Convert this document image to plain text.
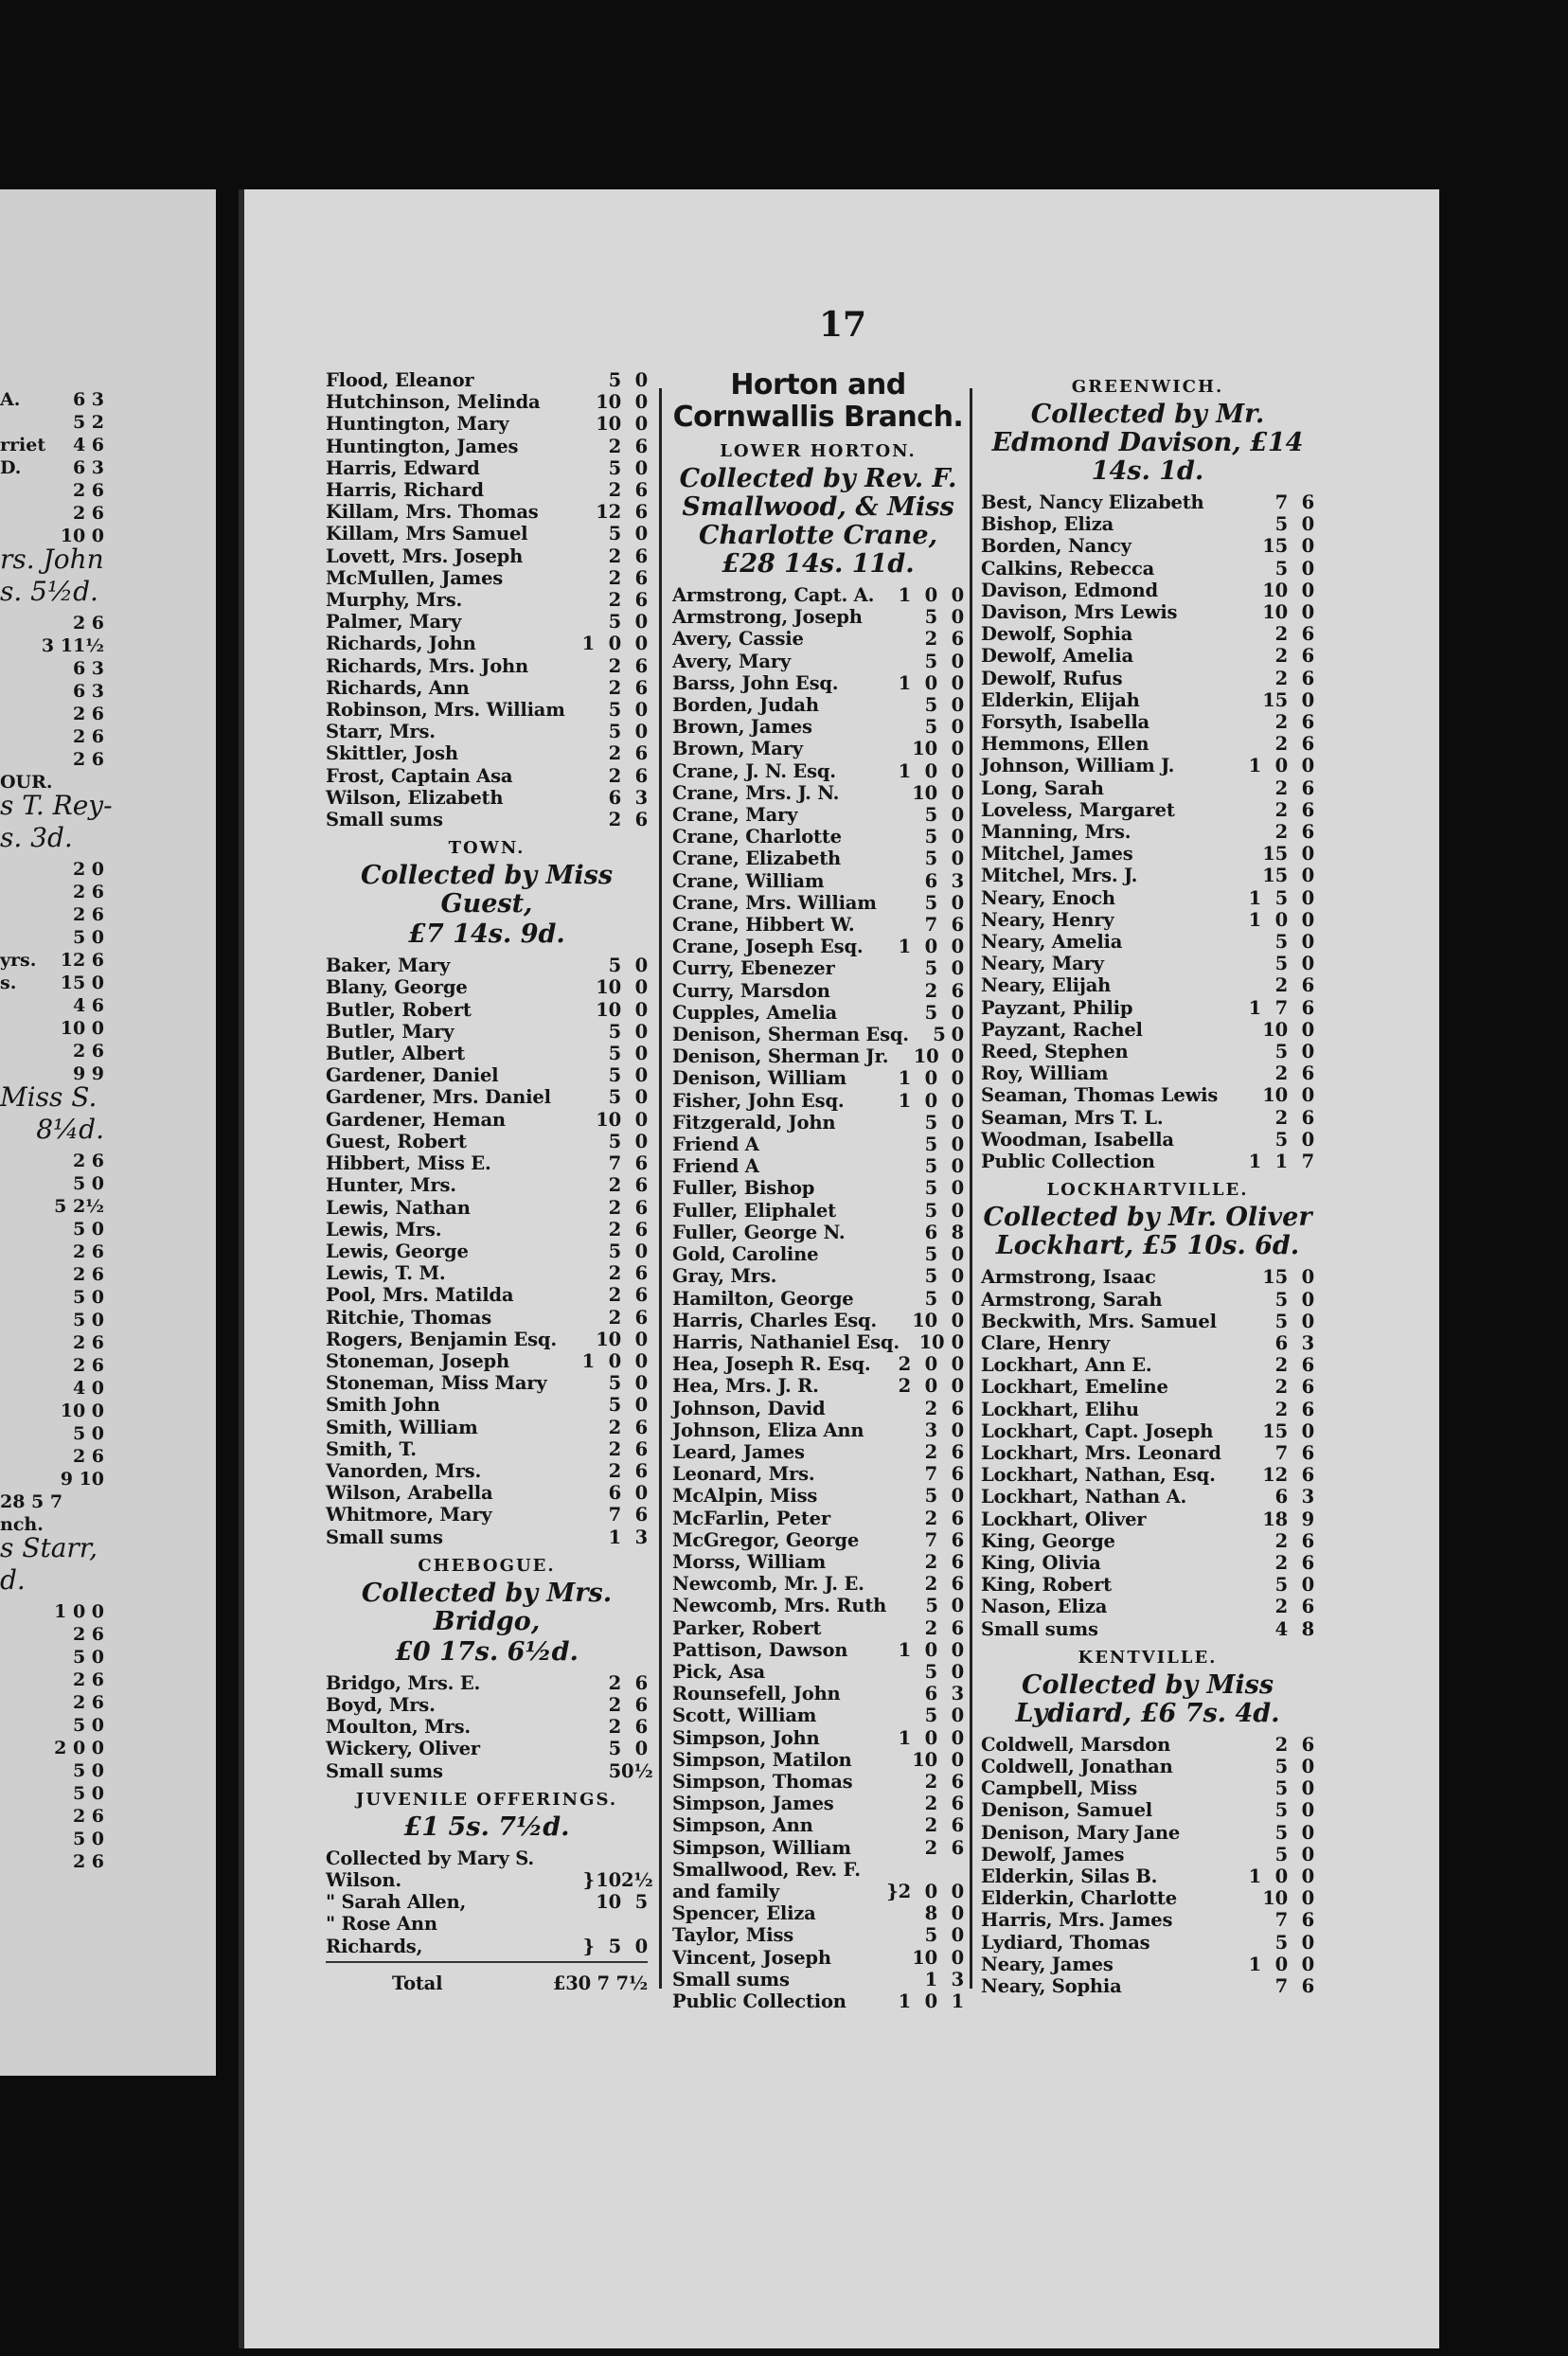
A.	6 3
5 2
rriet	4 6
D.	6 3
2 6
2 6
10 0
rs. John
s. 5½d.
2 6
3 11½
6 3
6 3
2 6
2 6
2 6
OUR.
s T. Rey-
s. 3d.
2 0
2 6
2 6
5 0
yrs.	12 6
s.	15 0
4 6
10 0
2 6
9 9
Miss S.
8¼d.
2 6
5 0
5 2½
5 0
2 6
2 6
5 0
5 0
2 6
2 6
4 0
10 0
5 0
2 6
9 10
28 5 7
nch.
s Starr,
d.
1 0 0
2 6
5 0
2 6
2 6
5 0
2 0 0
5 0
5 0
2 6
5 0
2 6
17
Flood, Eleanor	5 0
Hutchinson, Melinda	10 0
Huntington, Mary	10 0
Huntington, James	2 6
Harris, Edward	5 0
Harris, Richard	2 6
Killam, Mrs. Thomas	12 6
Killam, Mrs Samuel	5 0
Lovett, Mrs. Joseph	2 6
McMullen, James	2 6
Murphy, Mrs.	2 6
Palmer, Mary	5 0
Richards, John	1 0 0
Richards, Mrs. John	2 6
Richards, Ann	2 6
Robinson, Mrs. William	5 0
Starr, Mrs.	5 0
Skittler, Josh	2 6
Frost, Captain Asa	2 6
Wilson, Elizabeth	6 3
Small sums	2 6
TOWN.
Collected by Miss Guest,
£7 14s. 9d.
Baker, Mary	5 0
Blany, George	10 0
Butler, Robert	10 0
Butler, Mary	5 0
Butler, Albert	5 0
Gardener, Daniel	5 0
Gardener, Mrs. Daniel	5 0
Gardener, Heman	10 0
Guest, Robert	5 0
Hibbert, Miss E.	7 6
Hunter, Mrs.	2 6
Lewis, Nathan	2 6
Lewis, Mrs.	2 6
Lewis, George	5 0
Lewis, T. M.	2 6
Pool, Mrs. Matilda	2 6
Ritchie, Thomas	2 6
Rogers, Benjamin Esq.	10 0
Stoneman, Joseph	1 0 0
Stoneman, Miss Mary	5 0
Smith John	5 0
Smith, William	2 6
Smith, T.	2 6
Vanorden, Mrs.	2 6
Wilson, Arabella	6 0
Whitmore, Mary	7 6
Small sums	1 3
CHEBOGUE.
Collected by Mrs. Bridgo,
£0 17s. 6½d.
Bridgo, Mrs. E.	2 6
Boyd, Mrs.	2 6
Moulton, Mrs.	2 6
Wickery, Oliver	5 0
Small sums	5 0½
JUVENILE OFFERINGS.
£1 5s. 7½d.
Collected by Mary S.
Wilson.	} 10 2½
" Sarah Allen,	10 5
" Rose Ann
Richards,	} 5 0
Total	£30 7 7½
Horton and Cornwallis Branch.
LOWER HORTON.
Collected by Rev. F. Smallwood, & Miss Charlotte Crane, £28 14s. 11d.
Armstrong, Capt. A.	1 0 0
Armstrong, Joseph	5 0
Avery, Cassie	2 6
Avery, Mary	5 0
Barss, John Esq.	1 0 0
Borden, Judah	5 0
Brown, James	5 0
Brown, Mary	10 0
Crane, J. N. Esq.	1 0 0
Crane, Mrs. J. N.	10 0
Crane, Mary	5 0
Crane, Charlotte	5 0
Crane, Elizabeth	5 0
Crane, William	6 3
Crane, Mrs. William	5 0
Crane, Hibbert W.	7 6
Crane, Joseph Esq.	1 0 0
Curry, Ebenezer	5 0
Curry, Marsdon	2 6
Cupples, Amelia	5 0
Denison, Sherman Esq.	5 0
Denison, Sherman Jr. 10 0
Denison, William	1 0 0
Fisher, John Esq.	1 0 0
Fitzgerald, John	5 0
Friend A	5 0
Friend A	5 0
Fuller, Bishop	5 0
Fuller, Eliphalet	5 0
Fuller, George N.	6 8
Gold, Caroline	5 0
Gray, Mrs.	5 0
Hamilton, George	5 0
Harris, Charles Esq.	10 0
Harris, Nathaniel Esq. 10 0
Hea, Joseph R. Esq.	2 0 0
Hea, Mrs. J. R.	2 0 0
Johnson, David	2 6
Johnson, Eliza Ann	3 0
Leard, James	2 6
Leonard, Mrs.	7 6
McAlpin, Miss	5 0
McFarlin, Peter	2 6
McGregor, George	7 6
Morss, William	2 6
Newcomb, Mr. J. E.	2 6
Newcomb, Mrs. Ruth	5 0
Parker, Robert	2 6
Pattison, Dawson	1 0 0
Pick, Asa	5 0
Rounsefell, John	6 3
Scott, William	5 0
Simpson, John	1 0 0
Simpson, Matilon	10 0
Simpson, Thomas	2 6
Simpson, James	2 6
Simpson, Ann	2 6
Simpson, William	2 6
Smallwood, Rev. F.
and family	}2 0 0
Spencer, Eliza	8 0
Taylor, Miss	5 0
Vincent, Joseph	10 0
Small sums	1 3
Public Collection	1 0 1
GREENWICH.
Collected by Mr. Edmond Davison, £14 14s. 1d.
Best, Nancy Elizabeth	7 6
Bishop, Eliza	5 0
Borden, Nancy	15 0
Calkins, Rebecca	5 0
Davison, Edmond	10 0
Davison, Mrs Lewis	10 0
Dewolf, Sophia	2 6
Dewolf, Amelia	2 6
Dewolf, Rufus	2 6
Elderkin, Elijah	15 0
Forsyth, Isabella	2 6
Hemmons, Ellen	2 6
Johnson, William J.	1 0 0
Long, Sarah	2 6
Loveless, Margaret	2 6
Manning, Mrs.	2 6
Mitchel, James	15 0
Mitchel, Mrs. J.	15 0
Neary, Enoch	1 5 0
Neary, Henry	1 0 0
Neary, Amelia	5 0
Neary, Mary	5 0
Neary, Elijah	2 6
Payzant, Philip	1 7 6
Payzant, Rachel	10 0
Reed, Stephen	5 0
Roy, William	2 6
Seaman, Thomas Lewis	10 0
Seaman, Mrs T. L.	2 6
Woodman, Isabella	5 0
Public Collection	1 1 7
LOCKHARTVILLE.
Collected by Mr. Oliver Lockhart, £5 10s. 6d.
Armstrong, Isaac	15 0
Armstrong, Sarah	5 0
Beckwith, Mrs. Samuel	5 0
Clare, Henry	6 3
Lockhart, Ann E.	2 6
Lockhart, Emeline	2 6
Lockhart, Elihu	2 6
Lockhart, Capt. Joseph	15 0
Lockhart, Mrs. Leonard	7 6
Lockhart, Nathan, Esq.	12 6
Lockhart, Nathan A.	6 3
Lockhart, Oliver	18 9
King, George	2 6
King, Olivia	2 6
King, Robert	5 0
Nason, Eliza	2 6
Small sums	4 8
KENTVILLE.
Collected by Miss Lydiard, £6 7s. 4d.
Coldwell, Marsdon	2 6
Coldwell, Jonathan	5 0
Campbell, Miss	5 0
Denison, Samuel	5 0
Denison, Mary Jane	5 0
Dewolf, James	5 0
Elderkin, Silas B.	1 0 0
Elderkin, Charlotte	10 0
Harris, Mrs. James	7 6
Lydiard, Thomas	5 0
Neary, James	1 0 0
Neary, Sophia	7 6
